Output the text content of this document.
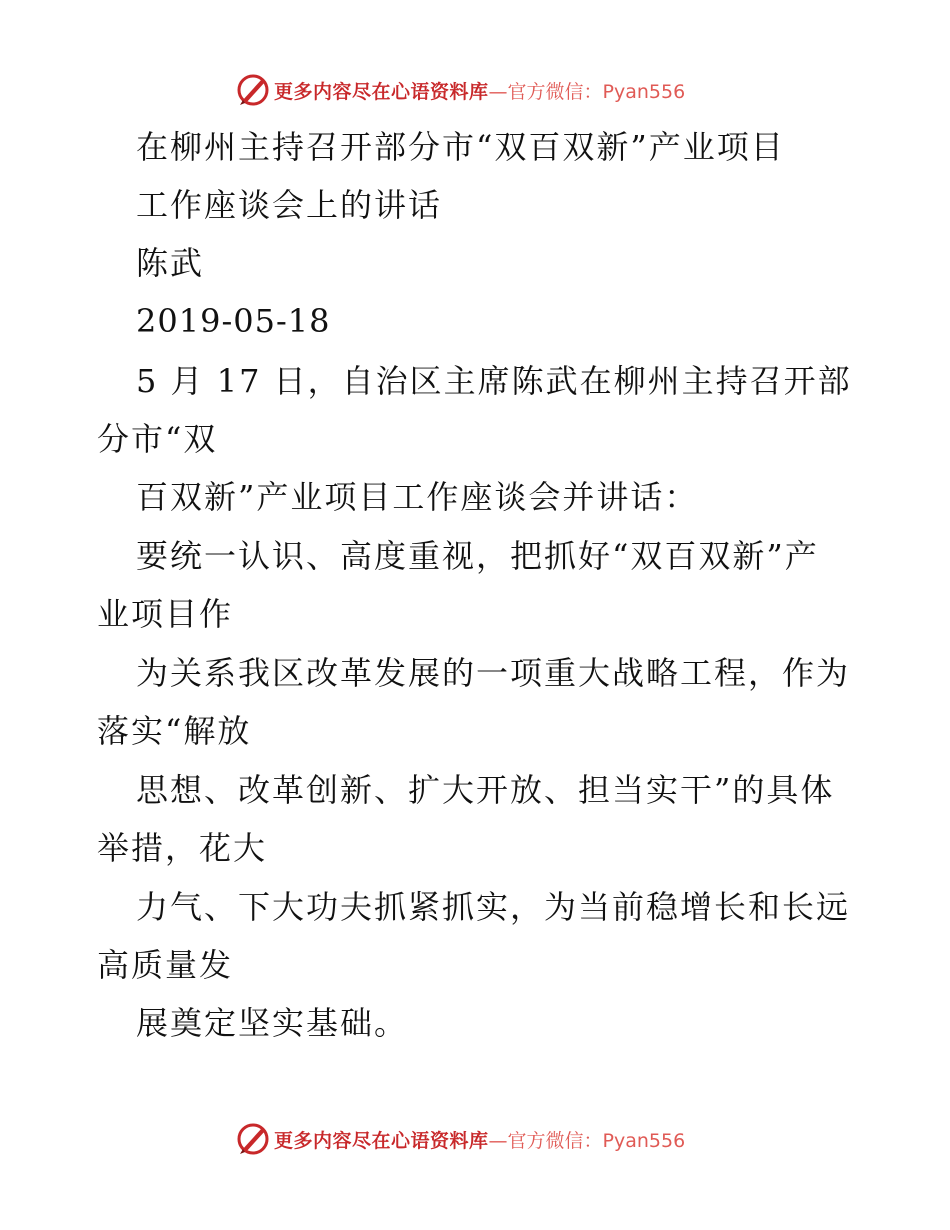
更多内容尽在心语资料库 —官方微信：Pyan556
在柳州主持召开部分市“双百双新”产业项目
工作座谈会上的讲话
陈武
2019-05-18
5 月 17 日，自治区主席陈武在柳州主持召开部
分市“双
百双新”产业项目工作座谈会并讲话：
要统一认识、高度重视，把抓好“双百双新”产
业项目作
为关系我区改革发展的一项重大战略工程，作为
落实“解放
思想、改革创新、扩大开放、担当实干”的具体
举措，花大
力气、下大功夫抓紧抓实，为当前稳增长和长远
高质量发
展奠定坚实基础。
更多内容尽在心语资料库 —官方微信：Pyan556
